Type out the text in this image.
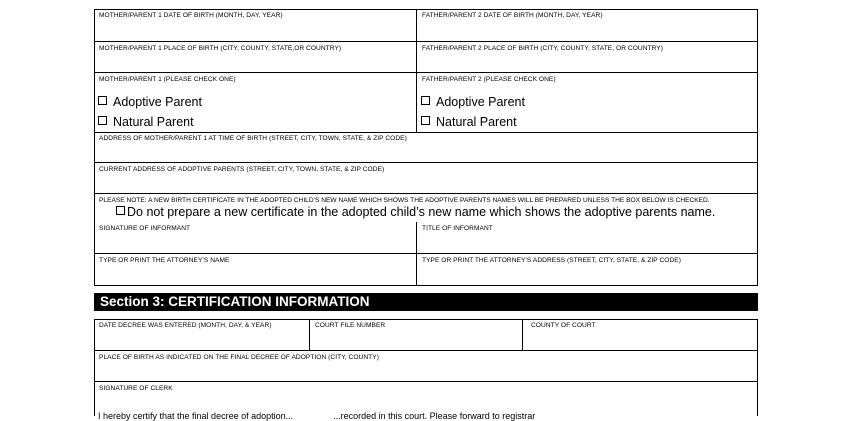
MOTHER/PARENT 1 DATE OF BIRTH (MONTH, DAY, YEAR)	FATHER/PARENT 2 DATE OF BIRTH (MONTH, DAY, YEAR)
MOTHER/PARENT 1 PLACE OF BIRTH (CITY, COUNTY, STATE,OR COUNTRY)	FATHER/PARENT 2 PLACE OF BIRTH (CITY, COUNTY, STATE, OR COUNTRY)
MOTHER/PARENT 1 (PLEASE CHECK ONE)
Adoptive Parent
Natural Parent
FATHER/PARENT 2 (PLEASE CHECK ONE)
Adoptive Parent
Natural Parent
ADDRESS OF MOTHER/PARENT 1 AT TIME OF BIRTH (STREET, CITY, TOWN, STATE, & ZIP CODE)
CURRENT ADDRESS OF ADOPTIVE PARENTS (STREET, CITY, TOWN, STATE, & ZIP CODE)
PLEASE NOTE: A NEW BIRTH CERTIFICATE IN THE ADOPTED CHILD’S NEW NAME WHICH SHOWS THE ADOPTIVE PARENTS NAMES WILL BE PREPARED UNLESS THE BOX BELOW IS CHECKED.
Do not prepare a new certificate in the adopted child’s new name which shows the adoptive parents name.
SIGNATURE OF INFORMANT	TITLE OF INFORMANT
TYPE OR PRINT THE ATTORNEY’S NAME	TYPE OR PRINT THE ATTORNEY’S ADDRESS (STREET, CITY, STATE, & ZIP CODE)
Section 3: CERTIFICATION INFORMATION
DATE DECREE WAS ENTERED (MONTH, DAY, & YEAR)	COURT FILE NUMBER	COUNTY OF COURT
PLACE OF BIRTH AS INDICATED ON THE FINAL DECREE OF ADOPTION (CITY, COUNTY)
SIGNATURE OF CLERK
I hereby certify that the final decree of adoption...	...recorded in this court. Please forward to registrar
